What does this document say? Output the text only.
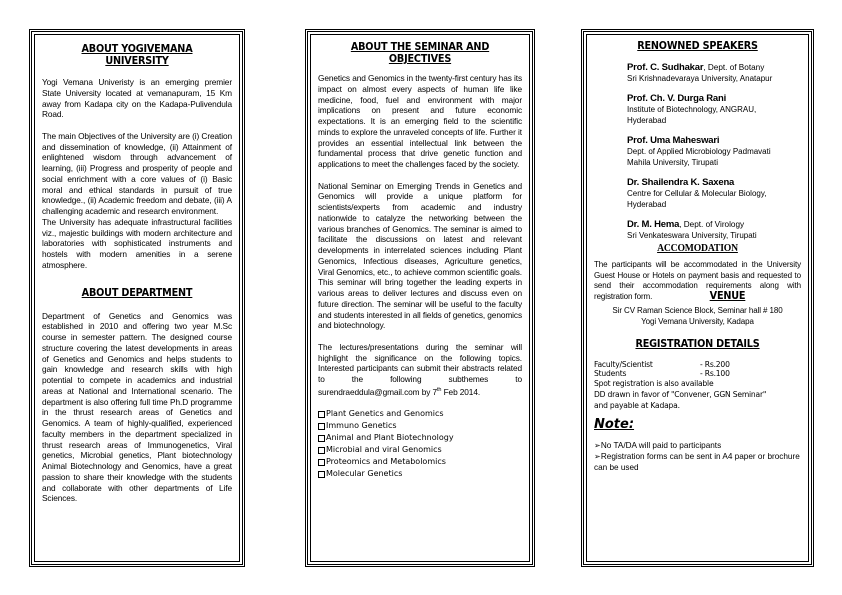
ABOUT YOGIVEMANA UNIVERSITY

Yogi Vemana Univeristy is an emerging premier State University located at vemanapuram, 15 Km away from Kadapa city on the Kadapa-Pulivendula Road.

The main Objectives of the University are (i) Creation and dissemination of knowledge, (ii) Attainment of enlightened wisdom through advancement of learning, (iii) Progress and prosperity of people and social enrichment with a core values of (i) Basic moral and ethical standards in pursuit of true knowledge., (ii) Academic freedom and debate, (iii) A challenging academic and research environment.

The University has adequate infrastructural facilities viz., majestic buildings with modern architecture and laboratories with sophisticated instruments and hostels with modern amenities in a serene atmosphere.

ABOUT DEPARTMENT

Department of Genetics and Genomics was established in 2010 and offering two year M.Sc course in semester pattern. The designed course structure covering the latest developments in areas of Genetics and Genomics and helps students to gain knowledge and research skills with high potential to compete in academics and industrial areas at National and International scenario. The department is also offering full time Ph.D programme in the thrust research areas of Genetics and Genomics. A team of highly-qualified, experienced faculty members in the department specialized in thrust research areas of Immunogenetics, Viral genetics, Microbial genetics, Plant biotechnology Animal Biotechnology and Genomics, have a great passion to share their knowledge with the students and collaborate with other departments of Life Sciences.

ABOUT THE SEMINAR AND OBJECTIVES

Genetics and Genomics in the twenty-first century has its impact on almost every aspects of human life like medicine, food, fuel and environment with major implications on present and future economic expectations. It is an emerging field to the scientific minds to explore the unraveled concepts of life. Further it provides an essential intellectual link between the fundamental process that drive genetic function and applications to meet the challenges faced by the society.

National Seminar on Emerging Trends in Genetics and Genomics will provide a unique platform for scientists/experts from academic and industry nationwide to catalyze the networking between the various branches of Genomics. The seminar is aimed to facilitate the discussions on latest and relevant developments in interrelated sciences including Plant Genomics, Infectious diseases, Agriculture genetics, Viral Genomics, etc., to achieve common scientific goals. This seminar will bring together the leading experts in various areas to deliver lectures and discuss even on future direction. The seminar will be useful to the faculty and students interested in all fields of genetics, genomics and biotechnology.

The lectures/presentations during the seminar will highlight the significance on the following topics. Interested participants can submit their abstracts related to the following subthemes to surendraeddula@gmail.com by 7th Feb 2014.

Plant Genetics and Genomics
Immuno Genetics
Animal and Plant Biotechnology
Microbial and viral Genomics
Proteomics and Metabolomics
Molecular Genetics

RENOWNED SPEAKERS

Prof. C. Sudhakar, Dept. of Botany
Sri Krishnadevaraya University, Anatapur
Prof. Ch. V. Durga Rani
Institute of Biotechnology, ANGRAU, Hyderabad
Prof. Uma Maheswari
Dept. of Applied Microbiology Padmavati Mahila University, Tirupati
Dr. Shailendra K. Saxena
Centre for Cellular & Molecular Biology, Hyderabad
Dr. M. Hema, Dept. of Virology
Sri Venkateswara University, Tirupati

ACCOMODATION

The participants will be accommodated in the University Guest House or Hotels on payment basis and requested to send their accommodation requirements along with registration form.	VENUE

Sir CV Raman Science Block, Seminar hall # 180

Yogi Vemana University, Kadapa

REGISTRATION DETAILS

Faculty/Scientist	- Rs.200
Students	- Rs.100
Spot registration is also available
DD drawn in favor of "Convener, GGN Seminar"
and payable at Kadapa.

Note:

➢No TA/DA will paid to participants
➢Registration forms can be sent in A4 paper or brochure can be used
